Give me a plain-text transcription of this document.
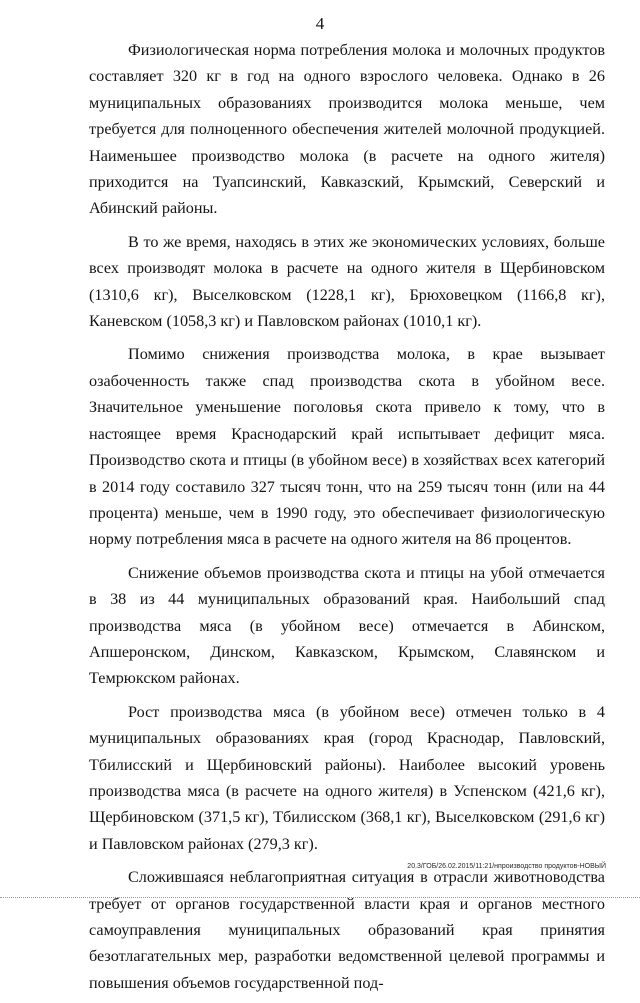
4

Физиологическая норма потребления молока и молочных продуктов составляет 320 кг в год на одного взрослого человека. Однако в 26 муниципальных образованиях производится молока меньше, чем требуется для полноценного обеспечения жителей молочной продукцией. Наименьшее производство молока (в расчете на одного жителя) приходится на Туапсинский, Кавказский, Крымский, Северский и Абинский районы.

В то же время, находясь в этих же экономических условиях, больше всех производят молока в расчете на одного жителя в Щербиновском (1310,6 кг), Выселковском (1228,1 кг), Брюховецком (1166,8 кг), Каневском (1058,3 кг) и Павловском районах (1010,1 кг).

Помимо снижения производства молока, в крае вызывает озабоченность также спад производства скота в убойном весе. Значительное уменьшение поголовья скота привело к тому, что в настоящее время Краснодарский край испытывает дефицит мяса. Производство скота и птицы (в убойном весе) в хозяйствах всех категорий в 2014 году составило 327 тысяч тонн, что на 259 тысяч тонн (или на 44 процента) меньше, чем в 1990 году, это обеспечивает физиологическую норму потребления мяса в расчете на одного жителя на 86 процентов.

Снижение объемов производства скота и птицы на убой отмечается в 38 из 44 муниципальных образований края. Наибольший спад производства мяса (в убойном весе) отмечается в Абинском, Апшеронском, Динском, Кавказском, Крымском, Славянском и Темрюкском районах.

Рост производства мяса (в убойном весе) отмечен только в 4 муниципальных образованиях края (город Краснодар, Павловский, Тбилисский и Щербиновский районы). Наиболее высокий уровень производства мяса (в расчете на одного жителя) в Успенском (421,6 кг), Щербиновском (371,5 кг), Тбилисском (368,1 кг), Выселковском (291,6 кг) и Павловском районах (279,3 кг).

Сложившаяся неблагоприятная ситуация в отрасли животноводства требует от органов государственной власти края и органов местного самоуправления муниципальных образований края принятия безотлагательных мер, разработки ведомственной целевой программы и повышения объемов государственной под-

20.3/ГОБ/26.02.2015/11:21/нпроизводство продуктов-НОВЫЙ
